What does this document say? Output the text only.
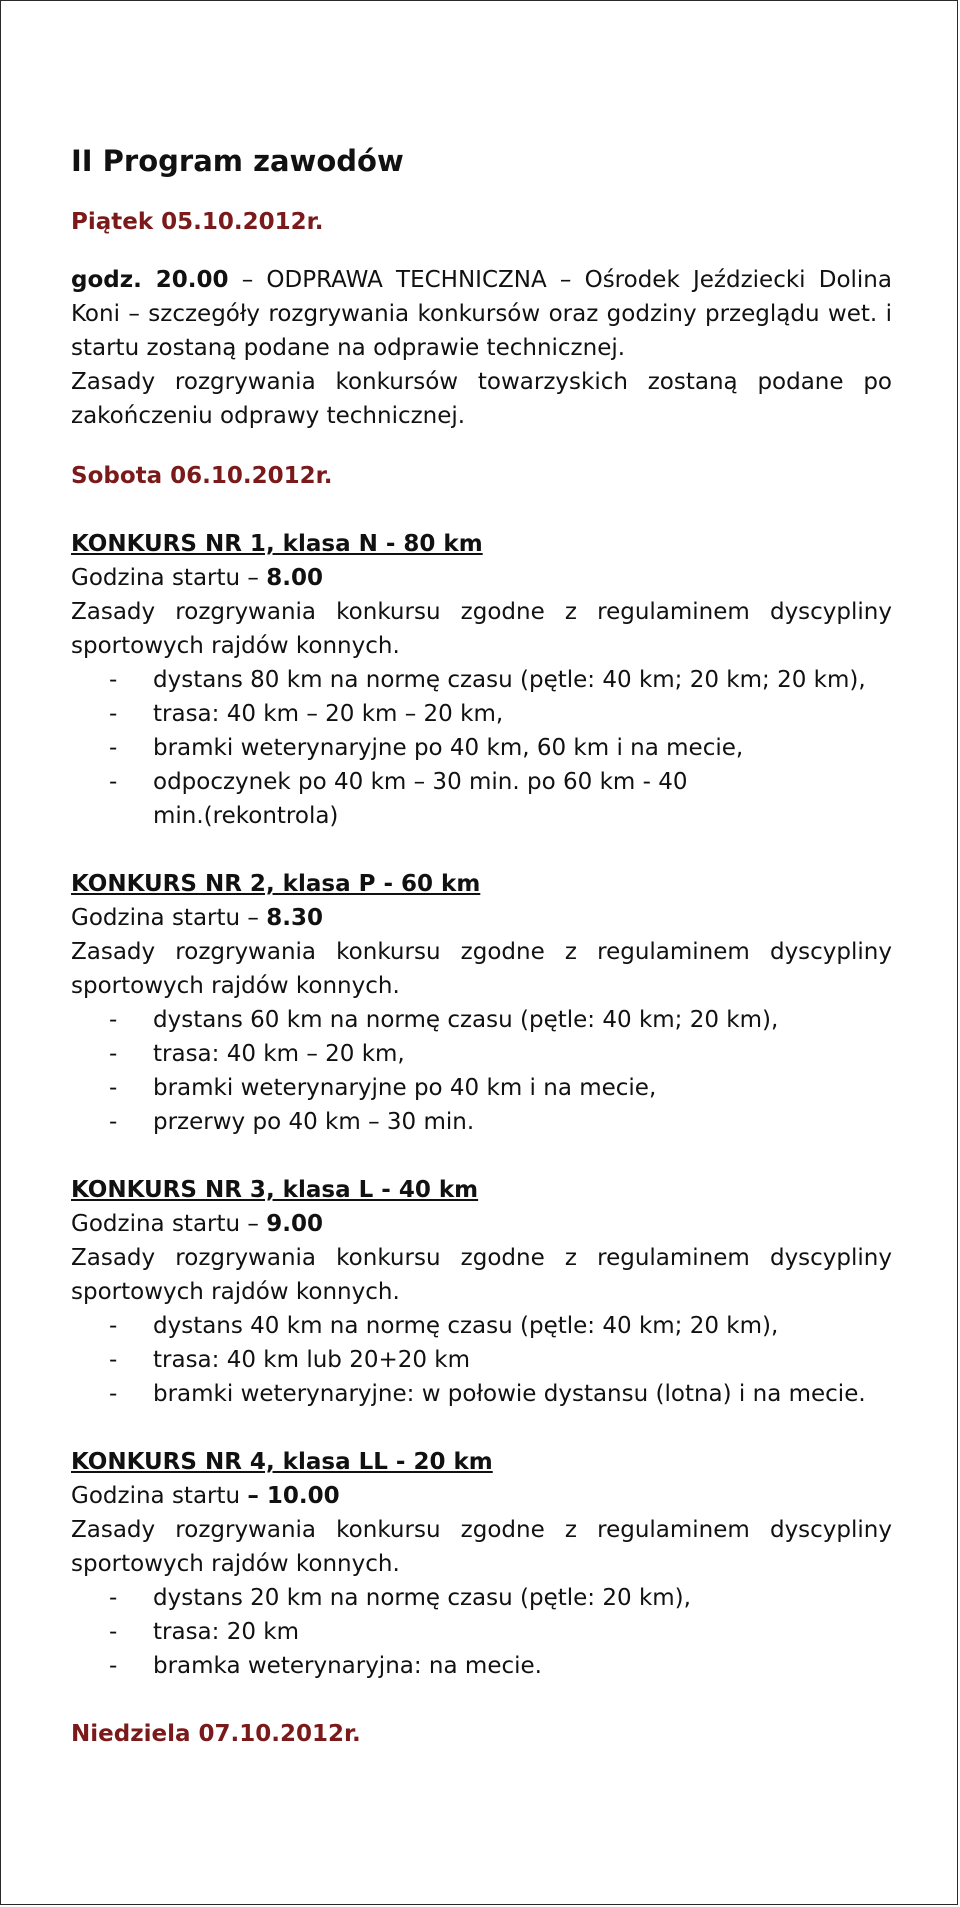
II Program zawodów

Piątek 05.10.2012r.

godz. 20.00 – ODPRAWA TECHNICZNA – Ośrodek Jeździecki Dolina Koni – szczegóły rozgrywania konkursów oraz godziny przeglądu wet. i startu zostaną podane na odprawie technicznej.

Zasady rozgrywania konkursów towarzyskich zostaną podane po zakończeniu odprawy technicznej.

Sobota 06.10.2012r.

KONKURS NR 1, klasa N - 80 km

Godzina startu – 8.00

Zasady rozgrywania konkursu zgodne z regulaminem dyscypliny sportowych rajdów konnych.

- dystans 80 km na normę czasu (pętle: 40 km; 20 km; 20 km),
- trasa: 40 km – 20 km – 20 km,
- bramki weterynaryjne po 40 km, 60 km i na mecie,
- odpoczynek po 40 km – 30 min. po 60 km - 40 min.(rekontrola)

KONKURS NR 2, klasa P - 60 km

Godzina startu – 8.30

Zasady rozgrywania konkursu zgodne z regulaminem dyscypliny sportowych rajdów konnych.

- dystans 60 km na normę czasu (pętle: 40 km; 20 km),
- trasa: 40 km – 20 km,
- bramki weterynaryjne po 40 km i na mecie,
- przerwy po 40 km – 30 min.

KONKURS NR 3, klasa L - 40 km

Godzina startu – 9.00

Zasady rozgrywania konkursu zgodne z regulaminem dyscypliny sportowych rajdów konnych.

- dystans 40 km na normę czasu (pętle: 40 km; 20 km),
- trasa: 40 km lub 20+20 km
- bramki weterynaryjne: w połowie dystansu (lotna) i na mecie.

KONKURS NR 4, klasa LL - 20 km

Godzina startu – 10.00

Zasady rozgrywania konkursu zgodne z regulaminem dyscypliny sportowych rajdów konnych.

- dystans 20 km na normę czasu (pętle: 20 km),
- trasa: 20 km
- bramka weterynaryjna: na mecie.

Niedziela 07.10.2012r.
